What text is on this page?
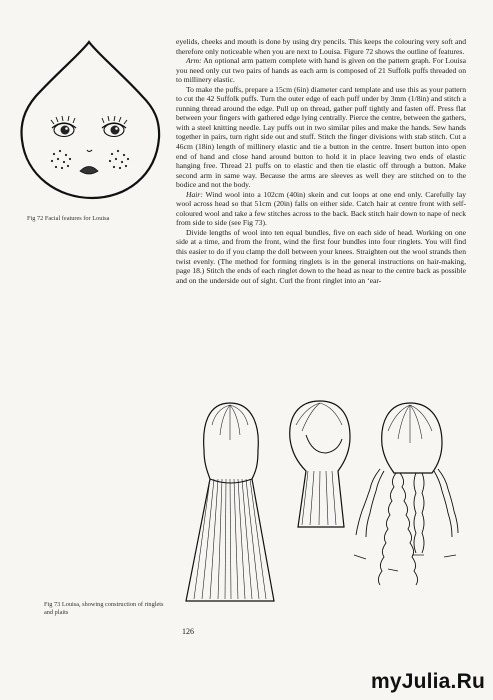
Fig 72 Facial features for Louisa

eyelids, cheeks and mouth is done by using dry pencils. This keeps the colouring very soft and therefore only noticeable when you are next to Louisa. Figure 72 shows the outline of features.

Arm: An optional arm pattern complete with hand is given on the pattern graph. For Louisa you need only cut two pairs of hands as each arm is composed of 21 Suffolk puffs threaded on to millinery elastic.

To make the puffs, prepare a 15cm (6in) diameter card template and use this as your pattern to cut the 42 Suffolk puffs. Turn the outer edge of each puff under by 3mm (1/8in) and stitch a running thread around the edge. Pull up on thread, gather puff tightly and fasten off. Press flat between your fingers with gathered edge lying centrally. Pierce the centre, between the gathers, with a steel knitting needle. Lay puffs out in two similar piles and make the hands. Sew hands together in pairs, turn right side out and stuff. Stitch the finger divisions with stab stitch. Cut a 46cm (18in) length of millinery elastic and tie a button in the centre. Insert button into open end of hand and close hand around button to hold it in place leaving two ends of elastic hanging free. Thread 21 puffs on to elastic and then tie elastic off through a button. Make second arm in same way. Because the arms are sleeves as well they are stitched on to the bodice and not the body.

Hair: Wind wool into a 102cm (40in) skein and cut loops at one end only. Carefully lay wool across head so that 51cm (20in) falls on either side. Catch hair at centre front with self-coloured wool and take a few stitches across to the back. Back stitch hair down to nape of neck from side to side (see Fig 73).

Divide lengths of wool into ten equal bundles, five on each side of head. Working on one side at a time, and from the front, wind the first four bundles into four ringlets. You will find this easier to do if you clamp the doll between your knees. Straighten out the wool strands then twist evenly. (The method for forming ringlets is in the general instructions on hair-making, page 18.) Stitch the ends of each ringlet down to the head as near to the centre back as possible and on the underside out of sight. Curl the front ringlet into an ‘ear-

Fig 73 Louisa, showing construction of ringlets and plaits
126
myJulia.Ru
